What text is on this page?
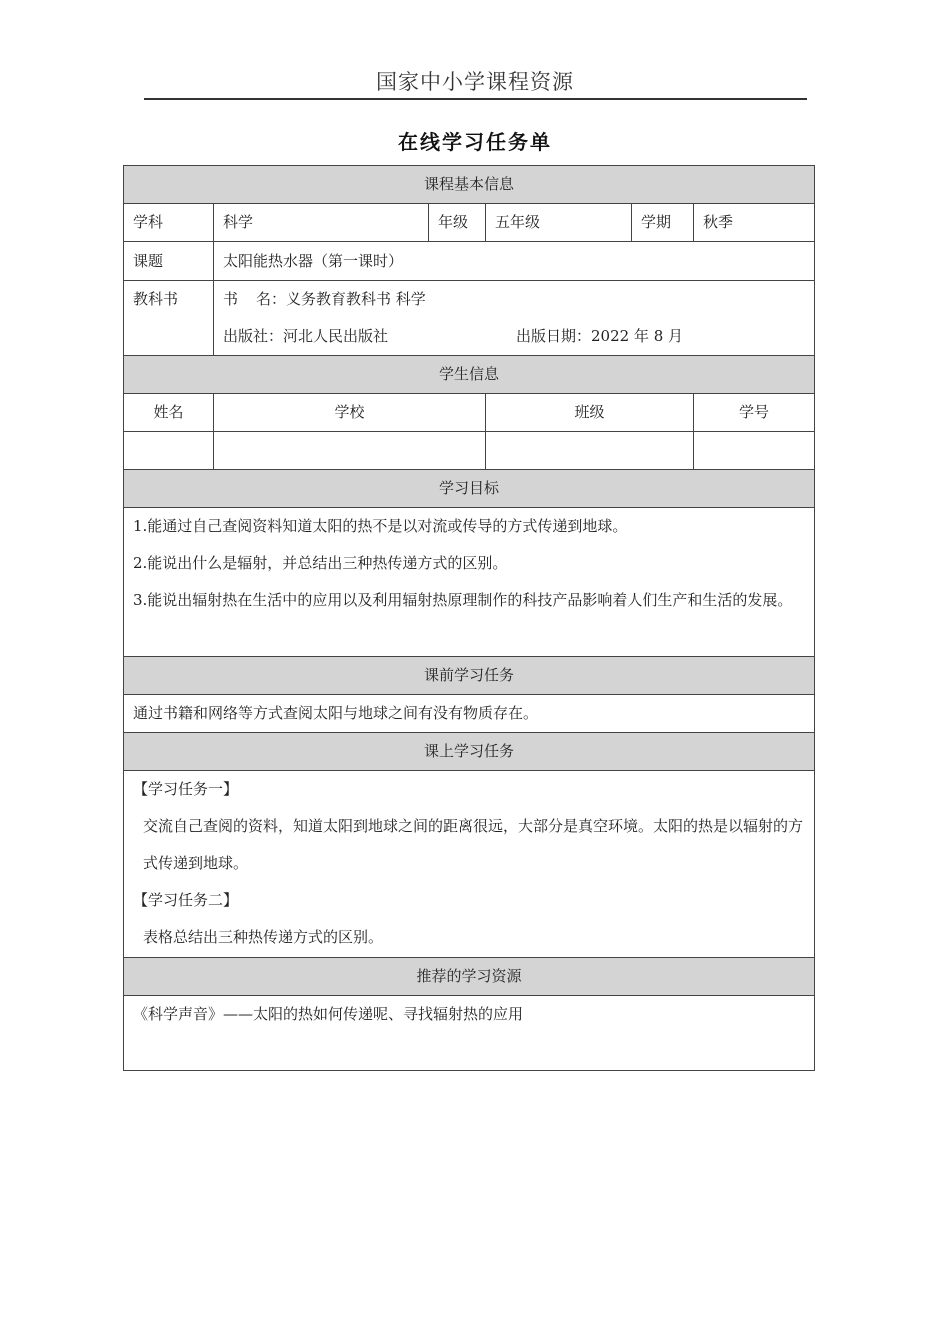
国家中小学课程资源
在线学习任务单
课程基本信息					
学科	科学	年级	五年级	学期	秋季
课题	太阳能热水器（第一课时）				
教科书	书 名：义务教育教科书 科学
出版社：河北人民出版社 出版日期：2022 年 8 月				

学生信息					
姓名	学校		班级		学号

学习目标					

1.能通过自己查阅资料知道太阳的热不是以对流或传导的方式传递到地球。
2.能说出什么是辐射，并总结出三种热传递方式的区别。
3.能说出辐射热在生活中的应用以及利用辐射热原理制作的科技产品影响着人们生产和生活的发展。					

课前学习任务					
通过书籍和网络等方式查阅太阳与地球之间有没有物质存在。					
课上学习任务					

【学习任务一】
交流自己查阅的资料，知道太阳到地球之间的距离很远，大部分是真空环境。太阳的热是以辐射的方式传递到地球。
【学习任务二】
表格总结出三种热传递方式的区别。					

推荐的学习资源					

《科学声音》——太阳的热如何传递呢、寻找辐射热的应用					
